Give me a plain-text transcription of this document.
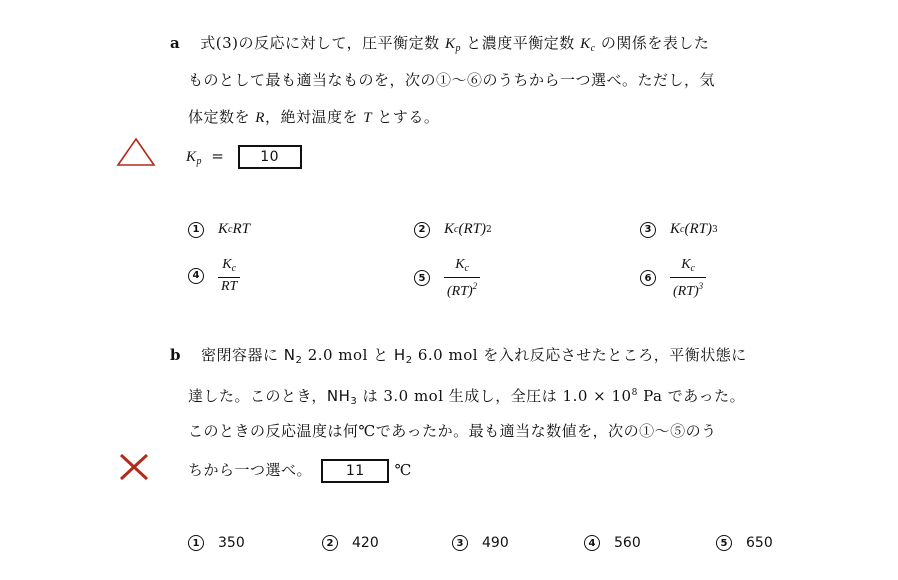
a 式(3)の反応に対して，圧平衡定数 $K_p$ と濃度平衡定数 $K_c$ の関係を表した
ものとして最も適当なものを，次の①～⑥のうちから一つ選べ。ただし，気
体定数を R，絶対温度を T とする。
$K_p$ =	10
1	K c RT	2	K c (RT) 2	3	K c (RT) 3
4	$\frac{K_c}{RT}$	5	$\frac{K_c}{(RT)^2}$	6	$\frac{K_c}{(RT)^3}$
b 密閉容器に $N_2$ 2.0 mol と $H_2$ 6.0 mol を入れ反応させたところ，平衡状態に
達した。このとき，$NH_3$ は 3.0 mol 生成し，全圧は $1.0 \times 10^8$ Pa であった。
このときの反応温度は何℃であったか。最も適当な数値を，次の①～⑤のう
ちから一つ選べ。 11 ℃
1	350	2	420	3	490	4	560	5	650
